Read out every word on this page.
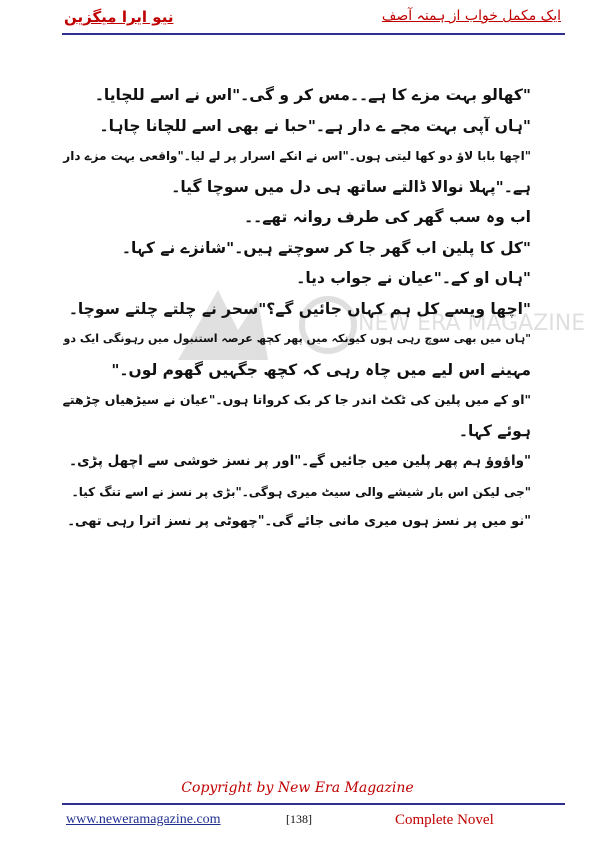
نیو ایرا میگزین	ایک مکمل خواب از ہمنہ آصف
NEW ERA MAGAZINE
"کھالو بہت مزے کا ہے۔۔مس کر و گی۔"اس نے اسے للچایا۔
"ہاں آپی بہت مجے ے دار ہے۔"حبا نے بھی اسے للچانا چاہا۔
"اچھا بابا لاؤ دو کھا لیتی ہوں۔"اس نے انکے اسرار پر لے لیا۔"واقعی بہت مزے دار
ہے۔"پہلا نوالا ڈالتے ساتھ ہی دل میں سوچا گیا۔
اب وہ سب گھر کی طرف روانہ تھے۔۔
"کل کا پلین اب گھر جا کر سوچتے ہیں۔"شانزے نے کہا۔
"ہاں او کے۔"عیان نے جواب دیا۔
"اچھا ویسے کل ہم کہاں جائیں گے؟"سحر نے چلتے چلتے سوچا۔
"ہاں میں بھی سوچ رہی ہوں کیونکہ میں پھر کچھ عرصہ استنبول میں رہونگی ایک دو
مہینے اس لیے میں چاہ رہی کہ کچھ جگہیں گھوم لوں۔"
"او کے میں پلین کی ٹکٹ اندر جا کر بک کرواتا ہوں۔"عیان نے سیڑھیاں چڑھتے
ہوئے کہا۔
"واؤوؤ ہم پھر پلین میں جائیں گے۔"اور پر نسز خوشی سے اچھل پڑی۔
"جی لیکن اس بار شیشے والی سیٹ میری ہوگی۔"بڑی پر نسز نے اسے تنگ کیا۔
"نو میں پر نسز ہوں میری مانی جائے گی۔"چھوٹی پر نسز اترا رہی تھی۔
Copyright by New Era Magazine
www.neweramagazine.com	[138]	Complete Novel
